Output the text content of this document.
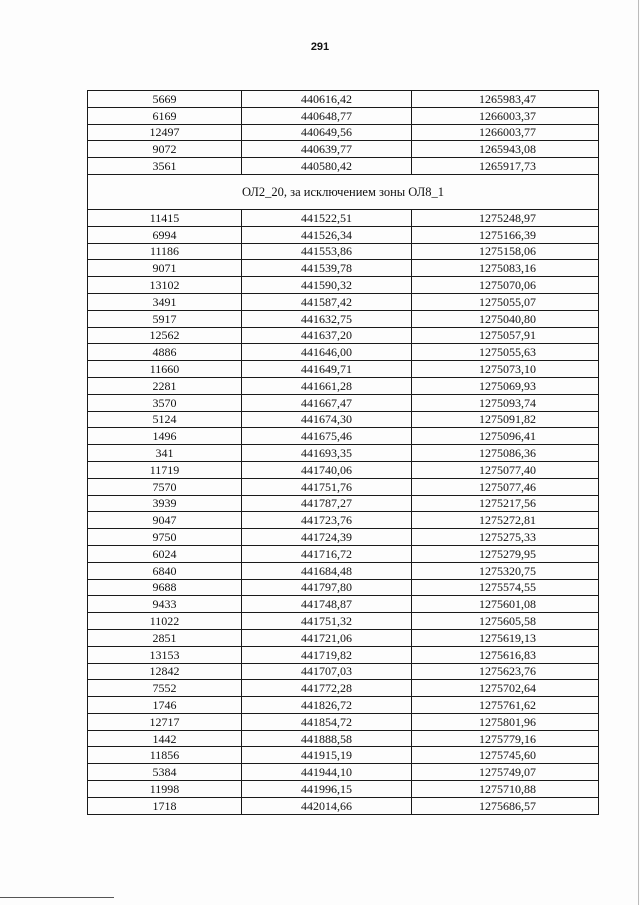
291
5669	440616,42	1265983,47
6169	440648,77	1266003,37
12497	440649,56	1266003,77
9072	440639,77	1265943,08
3561	440580,42	1265917,73
ОЛ2_20, за исключением зоны ОЛ8_1		
11415	441522,51	1275248,97
6994	441526,34	1275166,39
11186	441553,86	1275158,06
9071	441539,78	1275083,16
13102	441590,32	1275070,06
3491	441587,42	1275055,07
5917	441632,75	1275040,80
12562	441637,20	1275057,91
4886	441646,00	1275055,63
11660	441649,71	1275073,10
2281	441661,28	1275069,93
3570	441667,47	1275093,74
5124	441674,30	1275091,82
1496	441675,46	1275096,41
341	441693,35	1275086,36
11719	441740,06	1275077,40
7570	441751,76	1275077,46
3939	441787,27	1275217,56
9047	441723,76	1275272,81
9750	441724,39	1275275,33
6024	441716,72	1275279,95
6840	441684,48	1275320,75
9688	441797,80	1275574,55
9433	441748,87	1275601,08
11022	441751,32	1275605,58
2851	441721,06	1275619,13
13153	441719,82	1275616,83
12842	441707,03	1275623,76
7552	441772,28	1275702,64
1746	441826,72	1275761,62
12717	441854,72	1275801,96
1442	441888,58	1275779,16
11856	441915,19	1275745,60
5384	441944,10	1275749,07
11998	441996,15	1275710,88
1718	442014,66	1275686,57
